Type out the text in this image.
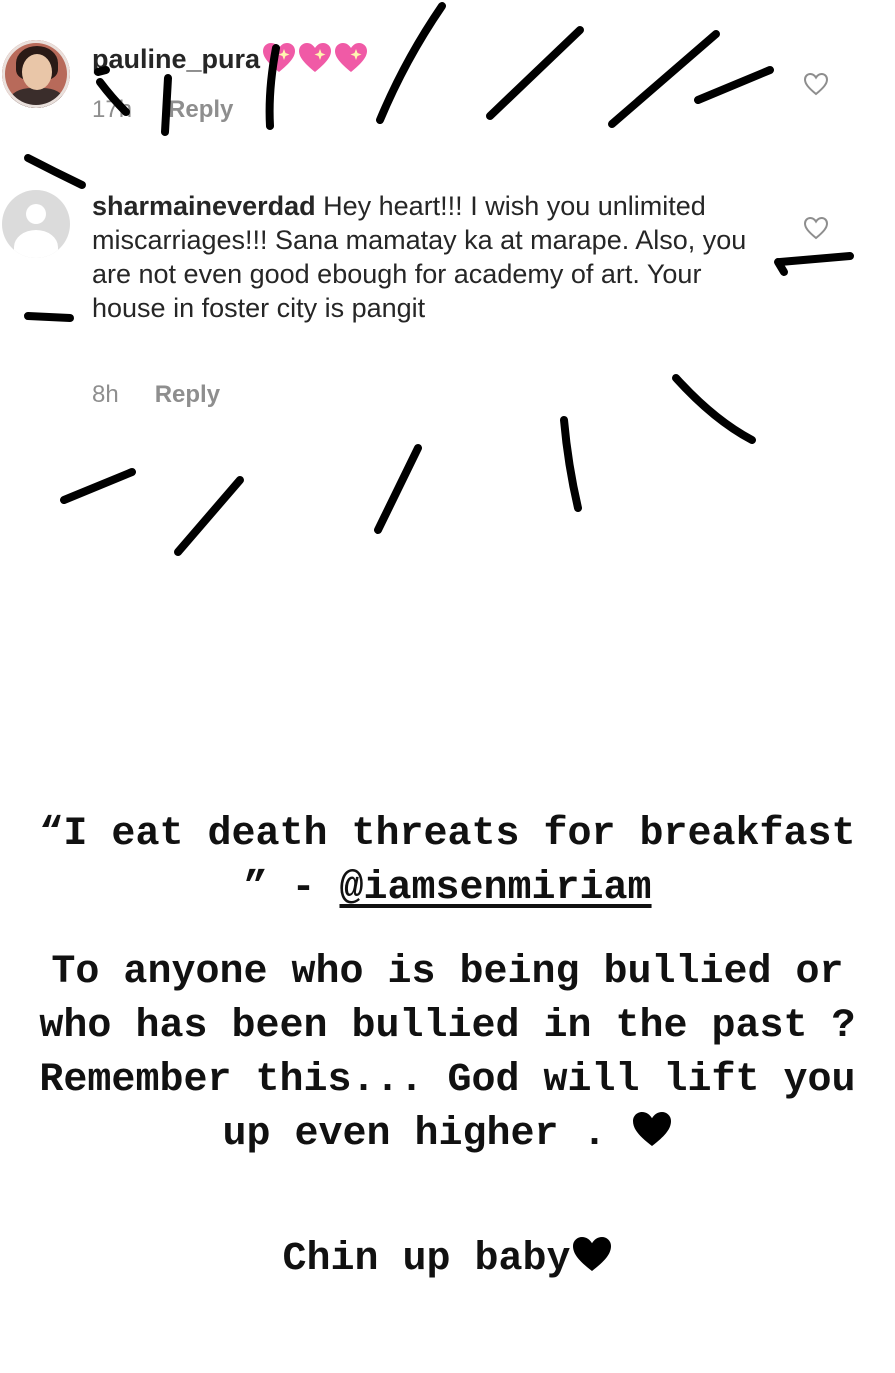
pauline_pura
17h Reply
sharmaineverdad Hey heart!!! I wish you unlimited miscarriages!!! Sana mamatay ka at marape. Also, you are not even good ebough for academy of art. Your house in foster city is pangit
8h Reply
“I eat death threats for breakfast ” - @iamsenmiriam
To anyone who is being bullied or who has been bullied in the past ? Remember this... God will lift you up even higher .
Chin up baby
